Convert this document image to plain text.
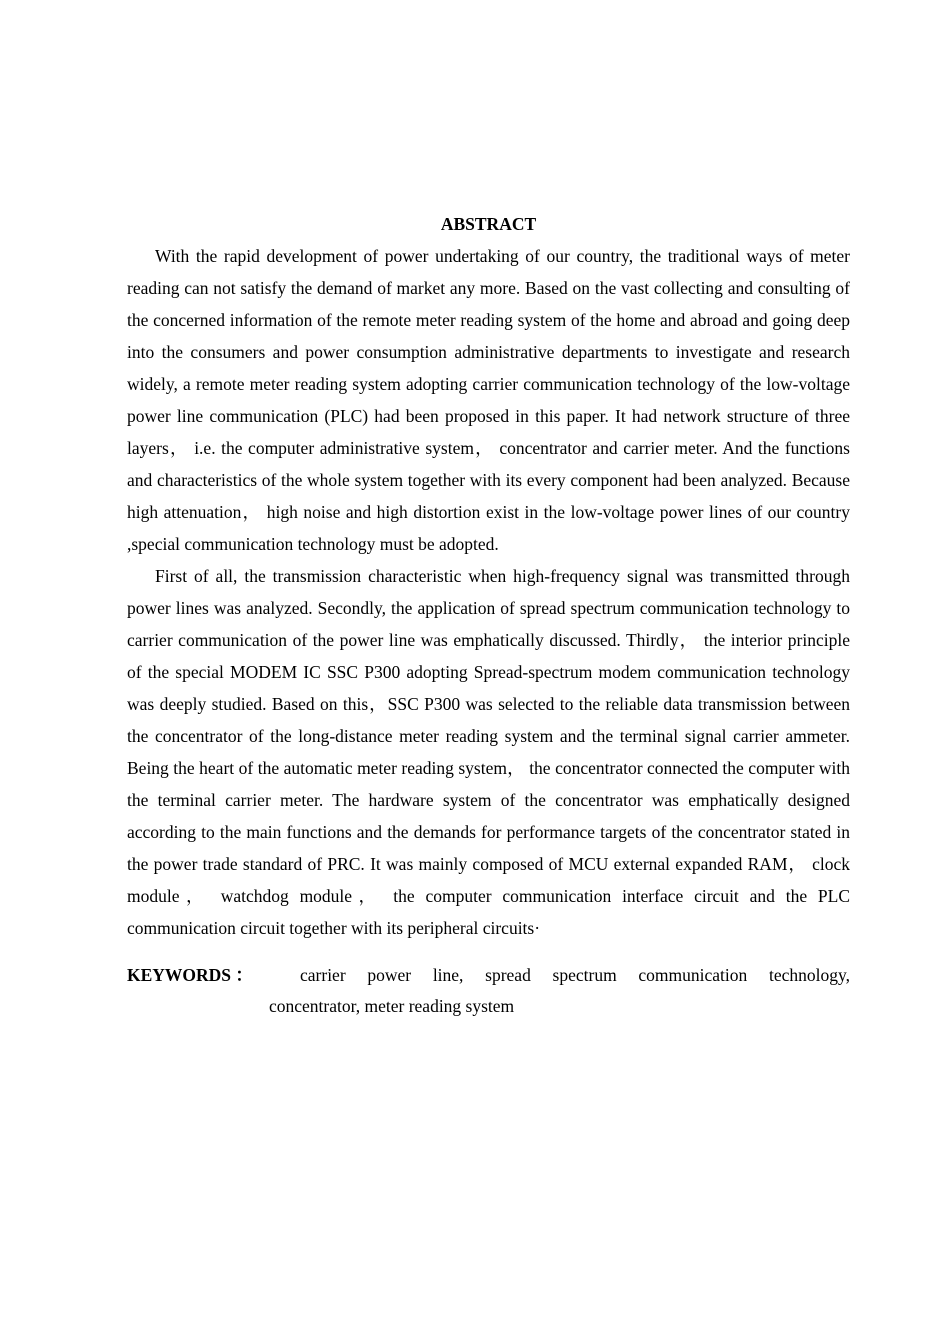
ABSTRACT

With the rapid development of power undertaking of our country, the traditional ways of meter reading can not satisfy the demand of market any more. Based on the vast collecting and consulting of the concerned information of the remote meter reading system of the home and abroad and going deep into the consumers and power consumption administrative departments to investigate and research widely, a remote meter reading system adopting carrier communication technology of the low-voltage power line communication (PLC) had been proposed in this paper. It had network structure of three layers， i.e. the computer administrative system， concentrator and carrier meter. And the functions and characteristics of the whole system together with its every component had been analyzed. Because high attenuation， high noise and high distortion exist in the low-voltage power lines of our country ,special communication technology must be adopted.

First of all, the transmission characteristic when high-frequency signal was transmitted through power lines was analyzed. Secondly, the application of spread spectrum communication technology to carrier communication of the power line was emphatically discussed. Thirdly， the interior principle of the special MODEM IC SSC P300 adopting Spread-spectrum modem communication technology was deeply studied. Based on this，SSC P300 was selected to the reliable data transmission between the concentrator of the long-distance meter reading system and the terminal signal carrier ammeter. Being the heart of the automatic meter reading system， the concentrator connected the computer with the terminal carrier meter. The hardware system of the concentrator was emphatically designed according to the main functions and the demands for performance targets of the concentrator stated in the power trade standard of PRC. It was mainly composed of MCU external expanded RAM， clock module， watchdog module， the computer communication interface circuit and the PLC communication circuit together with its peripheral circuits·

KEYWORDS ：	carrier power line, spread spectrum communication technology,
concentrator, meter reading system
